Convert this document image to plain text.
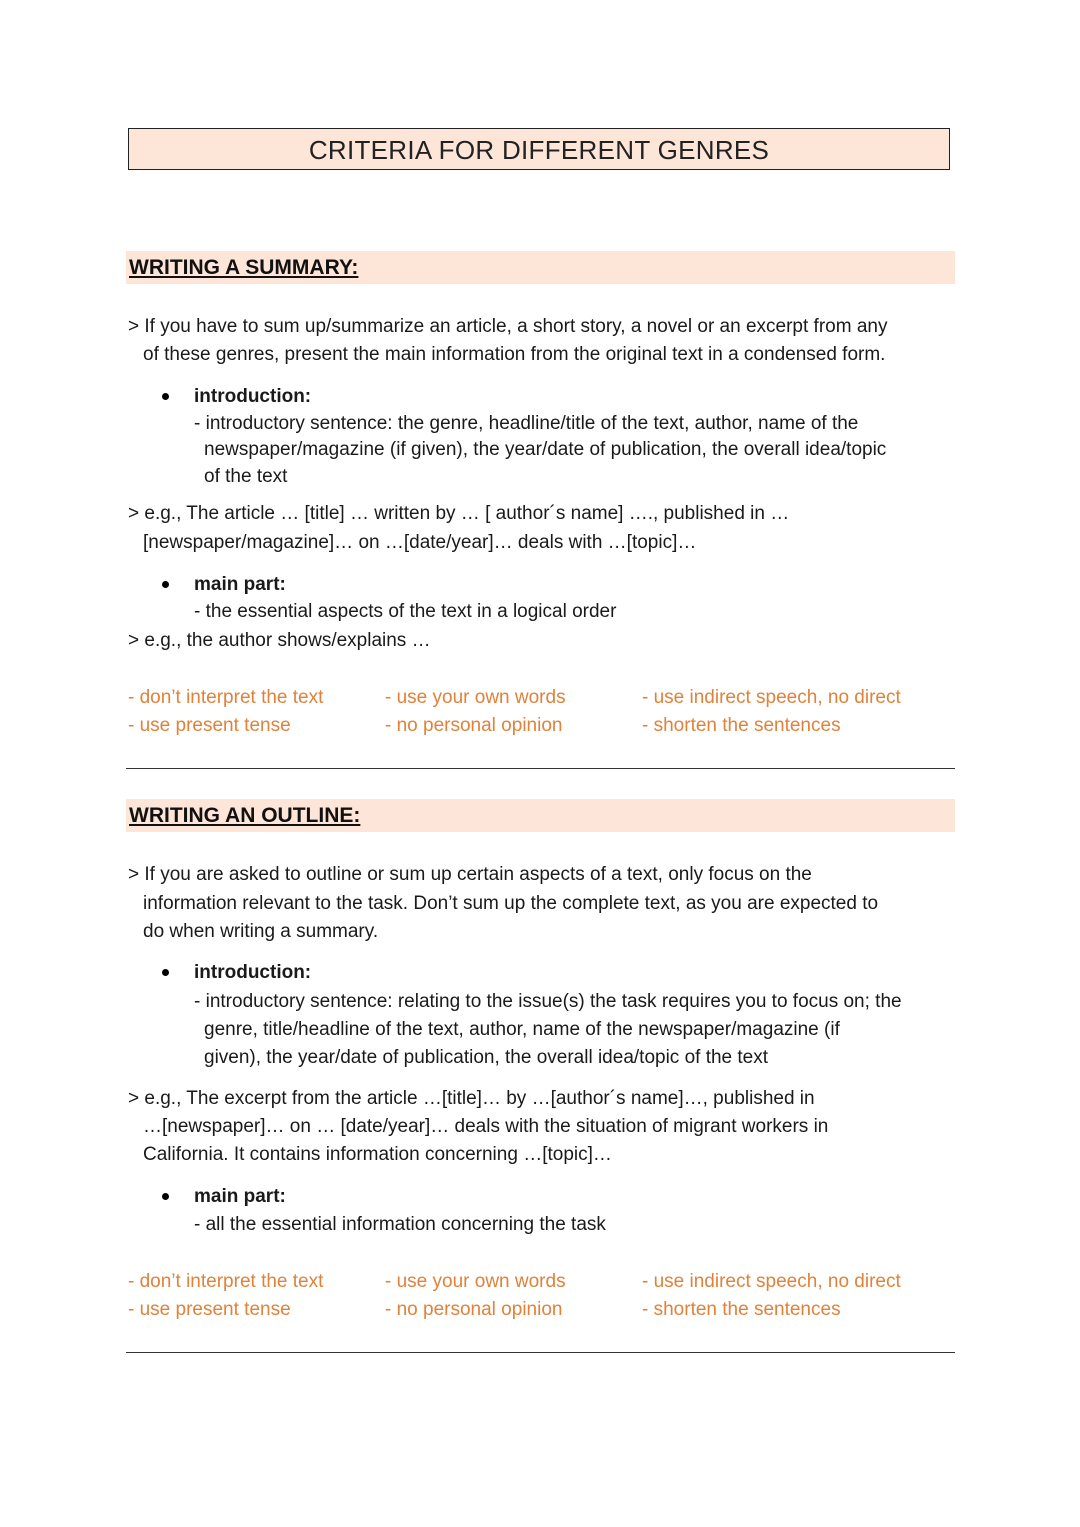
CRITERIA FOR DIFFERENT GENRES
WRITING A SUMMARY:
> If you have to sum up/summarize an article, a short story, a novel or an excerpt from any
of these genres, present the main information from the original text in a condensed form.
introduction:
- introductory sentence: the genre, headline/title of the text, author, name of the
newspaper/magazine (if given), the year/date of publication, the overall idea/topic
of the text
> e.g., The article … [title] … written by … [ author´s name] …., published in …
[newspaper/magazine]… on …[date/year]… deals with …[topic]…
main part:
- the essential aspects of the text in a logical order
> e.g., the author shows/explains …
- don’t interpret the text
- use present tense
- use your own words
- no personal opinion
- use indirect speech, no direct
- shorten the sentences
WRITING AN OUTLINE:
> If you are asked to outline or sum up certain aspects of a text, only focus on the
information relevant to the task. Don’t sum up the complete text, as you are expected to
do when writing a summary.
introduction:
- introductory sentence: relating to the issue(s) the task requires you to focus on; the
genre, title/headline of the text, author, name of the newspaper/magazine (if
given), the year/date of publication, the overall idea/topic of the text
> e.g., The excerpt from the article …[title]… by …[author´s name]…, published in
…[newspaper]… on … [date/year]… deals with the situation of migrant workers in
California. It contains information concerning …[topic]…
main part:
- all the essential information concerning the task
- don’t interpret the text
- use present tense
- use your own words
- no personal opinion
- use indirect speech, no direct
- shorten the sentences
